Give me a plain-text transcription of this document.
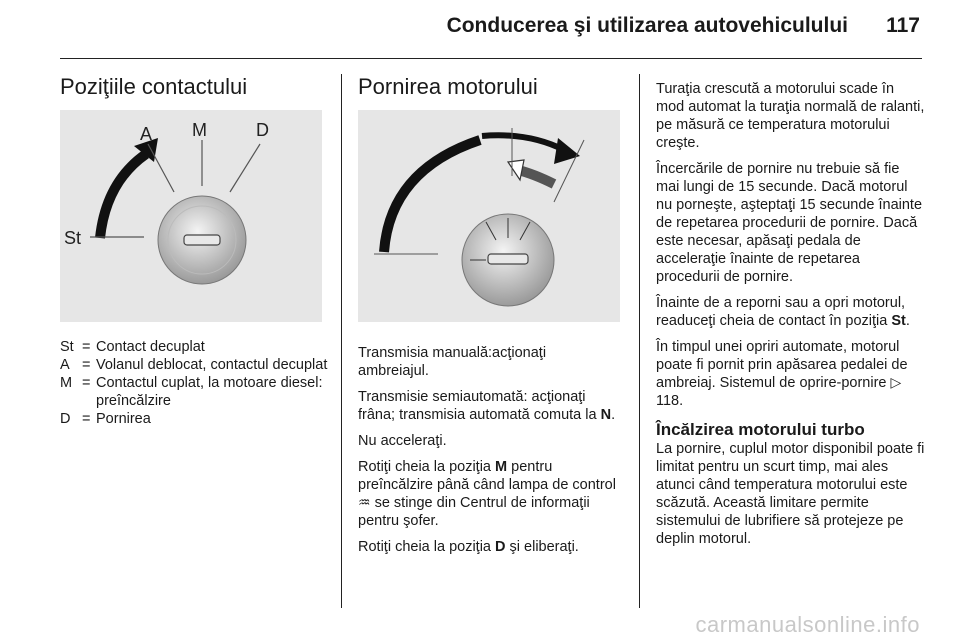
Conducerea şi utilizarea autovehiculului 117
Poziţiile contactului
A M	D
St
St	=	Contact decuplat
A	=	Volanul deblocat, contactul decuplat
M	=	Contactul cuplat, la motoare diesel: preîncălzire
D	=	Pornirea
Pornirea motorului

Transmisia manuală:acţionaţi ambreiajul.

Transmisie semiautomată: acţionaţi frâna; transmisia automată comuta la N.

Nu acceleraţi.

Rotiţi cheia la poziţia M pentru preîncălzire până când lampa de control ♒ se stinge din Centrul de informaţii pentru şofer.

Rotiţi cheia la poziţia D şi eliberaţi.

Turaţia crescută a motorului scade în mod automat la turaţia normală de ralanti, pe măsură ce temperatura motorului creşte.

Încercările de pornire nu trebuie să fie mai lungi de 15 secunde. Dacă motorul nu porneşte, aşteptaţi 15 secunde înainte de repetarea procedurii de pornire. Dacă este necesar, apăsaţi pedala de acceleraţie înainte de repetarea procedurii de pornire.

Înainte de a reporni sau a opri motorul, readuceţi cheia de contact în poziţia St.

În timpul unei opriri automate, motorul poate fi pornit prin apăsarea pedalei de ambreiaj. Sistemul de oprire-pornire ▷ 118.

Încălzirea motorului turbo

La pornire, cuplul motor disponibil poate fi limitat pentru un scurt timp, mai ales atunci când temperatura motorului este scăzută. Această limitare permite sistemului de lubrifiere să protejeze pe deplin motorul.

carmanualsonline.info
